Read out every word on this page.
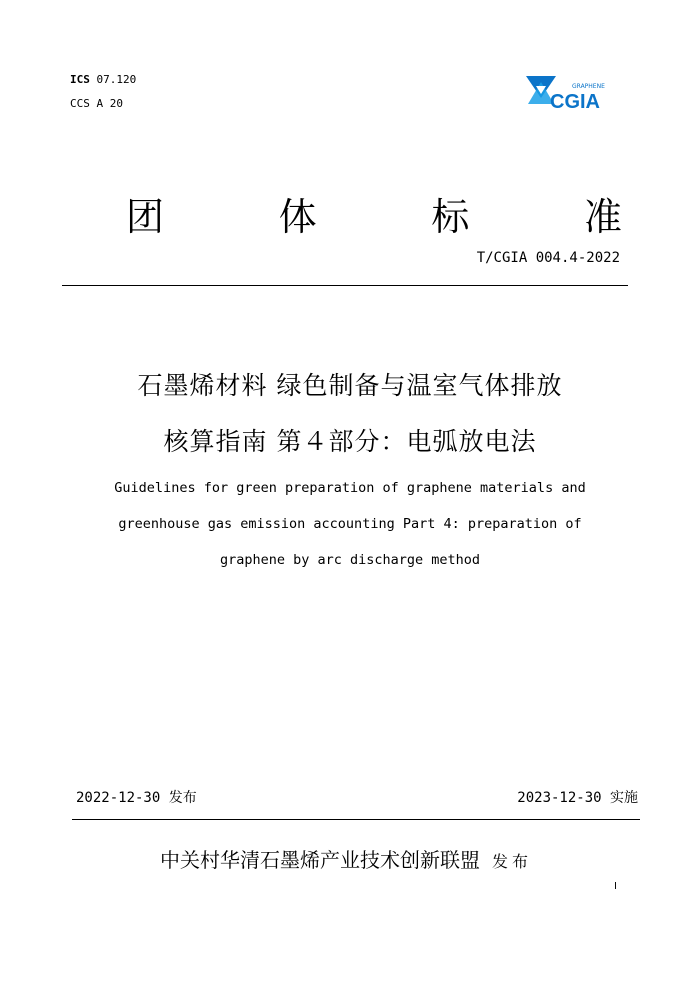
ICS 07.120
CCS A 20
GRAPHENE
CGIA
团	体	标	准
T/CGIA 004.4-2022
石墨烯材料 绿色制备与温室气体排放
核算指南 第４部分：电弧放电法
Guidelines for green preparation of graphene materials and
greenhouse gas emission accounting Part 4: preparation of
graphene by arc discharge method
2022-12-30 发布	2023-12-30 实施
中关村华清石墨烯产业技术创新联盟 发布
I
